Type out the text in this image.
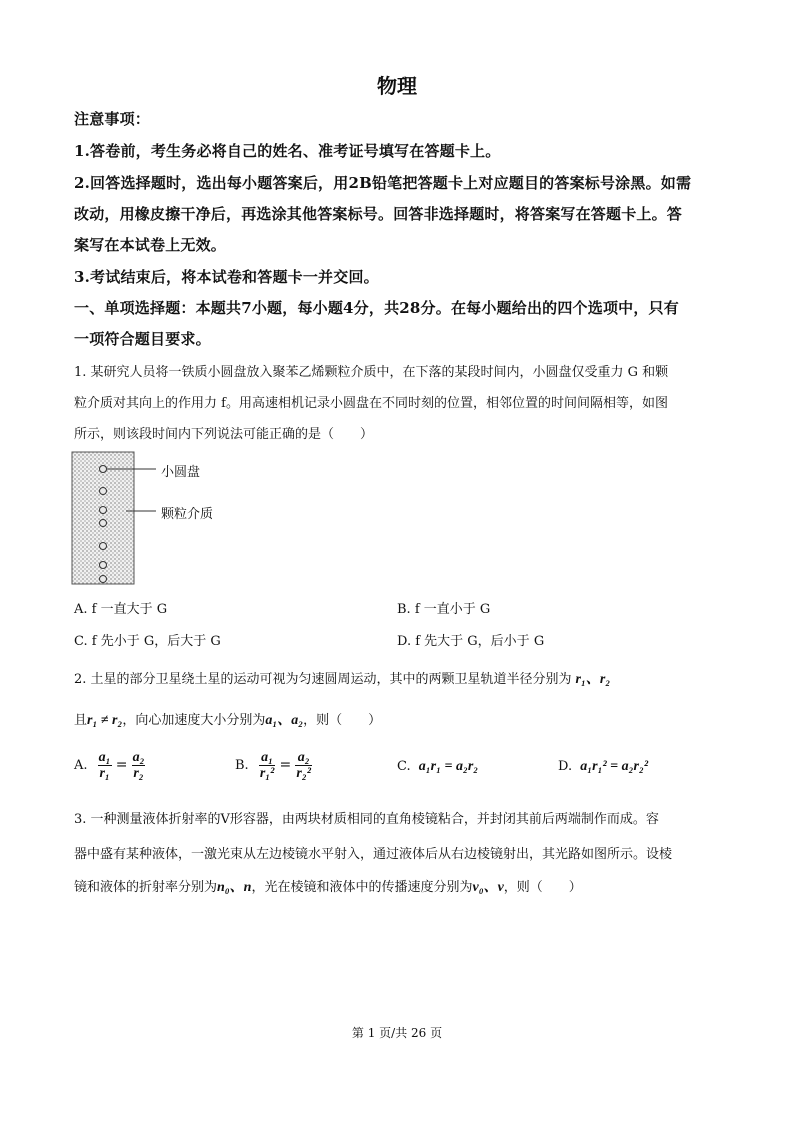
物理
注意事项：
1.答卷前，考生务必将自己的姓名、准考证号填写在答题卡上。
2.回答选择题时，选出每小题答案后，用2B铅笔把答题卡上对应题目的答案标号涂黑。如需
改动，用橡皮擦干净后，再选涂其他答案标号。回答非选择题时，将答案写在答题卡上。答
案写在本试卷上无效。
3.考试结束后，将本试卷和答题卡一并交回。
一、单项选择题：本题共7小题，每小题4分，共28分。在每小题给出的四个选项中，只有
一项符合题目要求。
1. 某研究人员将一铁质小圆盘放入聚苯乙烯颗粒介质中，在下落的某段时间内，小圆盘仅受重力 G 和颗
粒介质对其向上的作用力 f。用高速相机记录小圆盘在不同时刻的位置，相邻位置的时间间隔相等，如图
所示，则该段时间内下列说法可能正确的是（　　）
小圆盘
颗粒介质
A. f 一直大于 G	B. f 一直小于 G
C. f 先小于 G，后大于 G	D. f 先大于 G，后小于 G
2. 土星的部分卫星绕土星的运动可视为匀速圆周运动，其中的两颗卫星轨道半径分别为 r₁、r₂
且r₁ ≠ r₂，向心加速度大小分别为a₁、a₂，则（　　）
A. $\frac{\text{a₁}}{\text{r₁}} = \frac{\text{a₂}}{\text{r₂}}$	B. $\frac{\text{a₁}}{\text{r₁²}} = \frac{\text{a₂}}{\text{r₂²}}$	C. a₁r₁ = a₂r₂	D. a₁r₁² = a₂r₂²
3. 一种测量液体折射率的V形容器，由两块材质相同的直角棱镜粘合，并封闭其前后两端制作而成。容
器中盛有某种液体，一激光束从左边棱镜水平射入，通过液体后从右边棱镜射出，其光路如图所示。设棱
镜和液体的折射率分别为n₀、n，光在棱镜和液体中的传播速度分别为v₀、v，则（　　）
第 1 页/共 26 页
